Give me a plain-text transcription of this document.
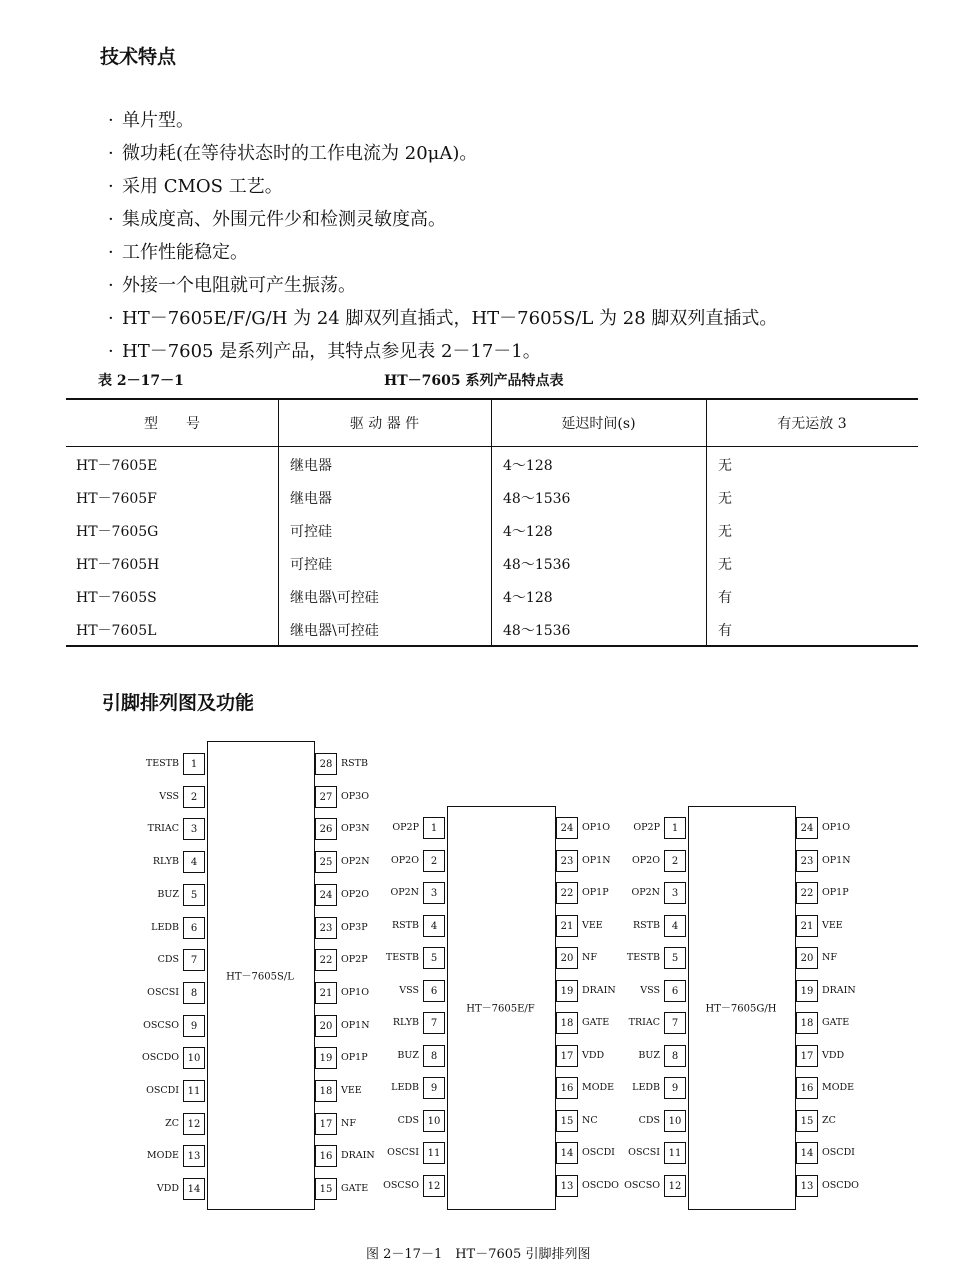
技术特点
表 2－17－1	HT－7605 系列产品特点表
型　　号	驱 动 器 件	延迟时间(s)	有无运放 3
HT－7605E	继电器	4～128	无
HT－7605F	继电器	48～1536	无
HT－7605G	可控硅	4～128	无
HT－7605H	可控硅	48～1536	无
HT－7605S	继电器\可控硅	4～128	有
HT－7605L	继电器\可控硅	48～1536	有
引脚排列图及功能
HT－7605S/L
1
TESTB
2
VSS
3
TRIAC
4
RLYB
5
BUZ
6
LEDB
7
CDS
8
OSCSI
9
OSCSO
10
OSCDO
11
OSCDI
12
ZC
13
MODE
14
VDD
28 RSTB
27 OP3O
26 OP3N
25 OP2N
24 OP2O
23 OP3P
22 OP2P
21 OP1O
20 OP1N
19 OP1P
18 VEE
17 NF
16 DRAIN
15 GATE
HT－7605E/F
1
OP2P
2
OP2O
3
OP2N
4
RSTB
5
TESTB
6
VSS
7
RLYB
8
BUZ
9
LEDB
10
CDS
11
OSCSI
12
OSCSO
24 OP1O
23 OP1N
22 OP1P
21 VEE
20 NF
19 DRAIN
18 GATE
17 VDD
16 MODE
15 NC
14 OSCDI
13 OSCDO
HT－7605G/H
1
OP2P
2
OP2O
3
OP2N
4
RSTB
5
TESTB
6
VSS
7
TRIAC
8
BUZ
9
LEDB
10
CDS
11
OSCSI
12
OSCSO
24 OP1O
23 OP1N
22 OP1P
21 VEE
20 NF
19 DRAIN
18 GATE
17 VDD
16 MODE
15 ZC
14 OSCDI
13 OSCDO
图 2－17－1　HT－7605 引脚排列图
· 单片型。
· 微功耗(在等待状态时的工作电流为 20μA)。
· 采用 CMOS 工艺。
· 集成度高、外围元件少和检测灵敏度高。
· 工作性能稳定。
· 外接一个电阻就可产生振荡。
· HT－7605E/F/G/H 为 24 脚双列直插式，HT－7605S/L 为 28 脚双列直插式。
· HT－7605 是系列产品，其特点参见表 2－17－1。
